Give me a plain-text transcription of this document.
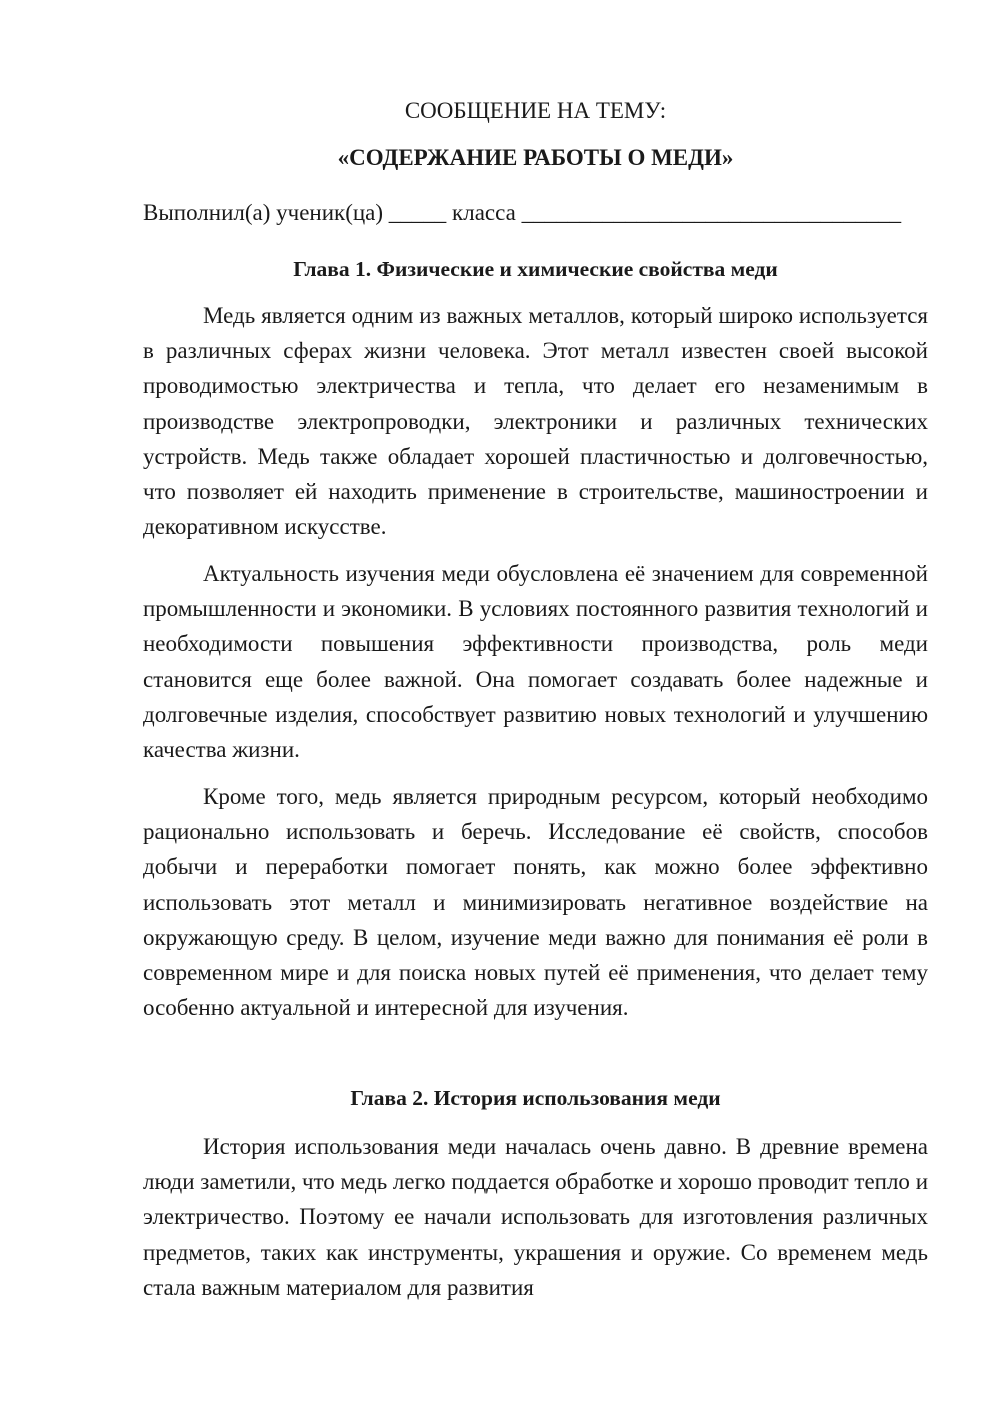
СООБЩЕНИЕ НА ТЕМУ:
«СОДЕРЖАНИЕ РАБОТЫ О МЕДИ»
Выполнил(а) ученик(ца) _____ класса _________________________________
Глава 1. Физические и химические свойства меди

Медь является одним из важных металлов, который широко используется в различных сферах жизни человека. Этот металл известен своей высокой проводимостью электричества и тепла, что делает его незаменимым в производстве электропроводки, электроники и различных технических устройств. Медь также обладает хорошей пластичностью и долговечностью, что позволяет ей находить применение в строительстве, машиностроении и декоративном искусстве.

Актуальность изучения меди обусловлена её значением для современной промышленности и экономики. В условиях постоянного развития технологий и необходимости повышения эффективности производства, роль меди становится еще более важной. Она помогает создавать более надежные и долговечные изделия, способствует развитию новых технологий и улучшению качества жизни.

Кроме того, медь является природным ресурсом, который необходимо рационально использовать и беречь. Исследование её свойств, способов добычи и переработки помогает понять, как можно более эффективно использовать этот металл и минимизировать негативное воздействие на окружающую среду. В целом, изучение меди важно для понимания её роли в современном мире и для поиска новых путей её применения, что делает тему особенно актуальной и интересной для изучения.

Глава 2. История использования меди

История использования меди началась очень давно. В древние времена люди заметили, что медь легко поддается обработке и хорошо проводит тепло и электричество. Поэтому ее начали использовать для изготовления различных предметов, таких как инструменты, украшения и оружие. Со временем медь стала важным материалом для развития
